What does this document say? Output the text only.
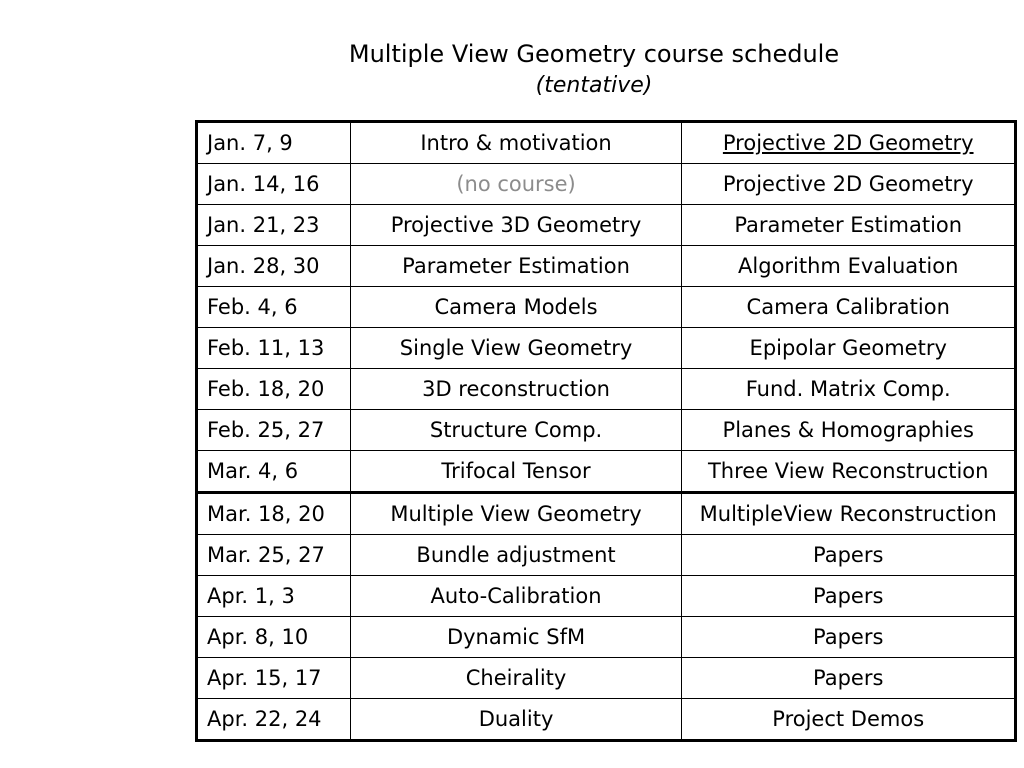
Multiple View Geometry course schedule
(tentative)
Jan. 7, 9	Intro & motivation	Projective 2D Geometry
Jan. 14, 16	(no course)	Projective 2D Geometry
Jan. 21, 23	Projective 3D Geometry	Parameter Estimation
Jan. 28, 30	Parameter Estimation	Algorithm Evaluation
Feb. 4, 6	Camera Models	Camera Calibration
Feb. 11, 13	Single View Geometry	Epipolar Geometry
Feb. 18, 20	3D reconstruction	Fund. Matrix Comp.
Feb. 25, 27	Structure Comp.	Planes & Homographies
Mar. 4, 6	Trifocal Tensor	Three View Reconstruction
Mar. 18, 20	Multiple View Geometry	MultipleView Reconstruction
Mar. 25, 27	Bundle adjustment	Papers
Apr. 1, 3	Auto-Calibration	Papers
Apr. 8, 10	Dynamic SfM	Papers
Apr. 15, 17	Cheirality	Papers
Apr. 22, 24	Duality	Project Demos
